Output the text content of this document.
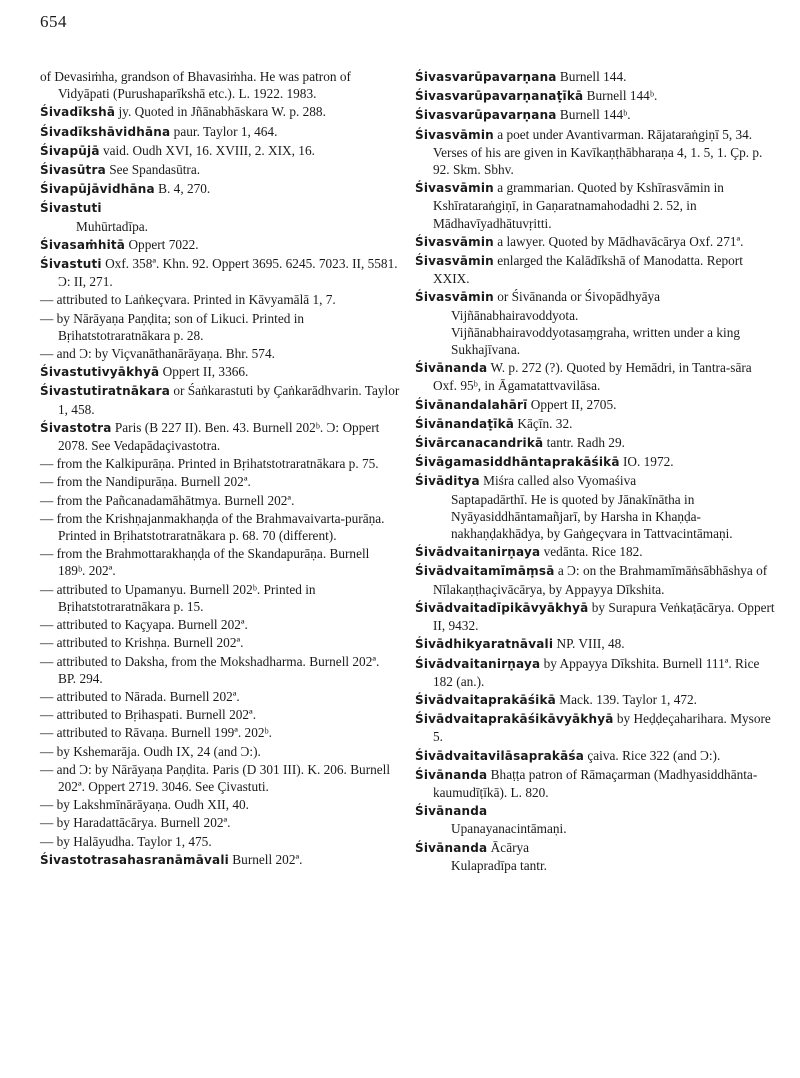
654
of Devasiṁha, grandson of Bhavasiṁha. He was patron of Vidyāpati (Purushaparīkshā etc.). L. 1922. 1983.
Śivadīkshā jy. Quoted in Jñānabhāskara W. p. 288.
Śivadīkshāvidhāna paur. Taylor 1, 464.
Śivapūjā vaid. Oudh XVI, 16. XVIII, 2. XIX, 16.
Śivasūtra See Spandasūtra.
Śivapūjāvidhāna B. 4, 270.
Śivastuti
Muhūrtadīpa.
Śivasaṁhitā Oppert 7022.
Śivastuti Oxf. 358ª. Khn. 92. Oppert 3695. 6245. 7023. II, 5581. Ɔ: II, 271.
— attributed to Laṅkeçvara. Printed in Kāvyamālā 1, 7.
— by Nārāyaṇa Paṇḍita; son of Likuci. Printed in Bṛihatstotraratnākara p. 28.
— and Ɔ: by Viçvanāthanārāyaṇa. Bhr. 574.
Śivastutivyākhyā Oppert II, 3366.
Śivastutiratnākara or Śaṅkarastuti by Çaṅkarādhvarin. Taylor 1, 458.
Śivastotra Paris (B 227 II). Ben. 43. Burnell 202ᵇ. Ɔ: Oppert 2078. See Vedapādaçivastotra.
— from the Kalkipurāṇa. Printed in Bṛihatstotraratnākara p. 75.
— from the Nandipurāṇa. Burnell 202ª.
— from the Pañcanadamāhātmya. Burnell 202ª.
— from the Krishṇajanmakhaṇḍa of the Brahmavaivarta-purāṇa. Printed in Bṛihatstotraratnākara p. 68. 70 (different).
— from the Brahmottarakhaṇḍa of the Skandapurāṇa. Burnell 189ᵇ. 202ª.
— attributed to Upamanyu. Burnell 202ᵇ. Printed in Bṛihatstotraratnākara p. 15.
— attributed to Kaçyapa. Burnell 202ª.
— attributed to Krishṇa. Burnell 202ª.
— attributed to Daksha, from the Mokshadharma. Burnell 202ª. BP. 294.
— attributed to Nārada. Burnell 202ª.
— attributed to Bṛihaspati. Burnell 202ª.
— attributed to Rāvaṇa. Burnell 199ª. 202ᵇ.
— by Kshemarāja. Oudh IX, 24 (and Ɔ:).
— and Ɔ: by Nārāyaṇa Paṇḍita. Paris (D 301 III). K. 206. Burnell 202ª. Oppert 2719. 3046. See Çivastuti.
— by Lakshmīnārāyaṇa. Oudh XII, 40.
— by Haradattācārya. Burnell 202ª.
— by Halāyudha. Taylor 1, 475.
Śivastotrasahasranāmāvali Burnell 202ª.
Śivasvarūpavarṇana Burnell 144.
Śivasvarūpavarṇanaṭīkā Burnell 144ᵇ.
Śivasvarūpavarṇana Burnell 144ᵇ.
Śivasvāmin a poet under Avantivarman. Rājataraṅgiṇī 5, 34. Verses of his are given in Kavīkaṇṭhābharaṇa 4, 1. 5, 1. Çp. p. 92. Skm. Sbhv.
Śivasvāmin a grammarian. Quoted by Kshīrasvāmin in Kshīrataraṅgiṇī, in Gaṇaratnamahodadhi 2. 52, in Mādhavīyadhātuvṛitti.
Śivasvāmin a lawyer. Quoted by Mādhavācārya Oxf. 271ª.
Śivasvāmin enlarged the Kalādīkshā of Manodatta. Report XXIX.
Śivasvāmin or Śivānanda or Śivopādhyāya
Vijñānabhairavoddyota.
Vijñānabhairavoddyotasaṃgraha, written under a king Sukhajīvana.
Śivānanda W. p. 272 (?). Quoted by Hemādri, in Tantra-sāra Oxf. 95ᵇ, in Āgamatattvavilāsa.
Śivānandalahārī Oppert II, 2705.
Śivānandaṭīkā Kāçīn. 32.
Śivārcanacandrikā tantr. Radh 29.
Śivāgamasiddhāntaprakāśikā IO. 1972.
Śivāditya Miśra called also Vyomaśiva
Saptapadārthī. He is quoted by Jānakīnātha in Nyāyasiddhāntamañjarī, by Harsha in Khaṇḍa-nakhaṇḍakhādya, by Gaṅgeçvara in Tattvacintāmaṇi.
Śivādvaitanirṇaya vedānta. Rice 182.
Śivādvaitamīmāṃsā a Ɔ: on the Brahmamīmāṅsābhāshya of Nīlakaṇṭhaçivācārya, by Appayya Dīkshita.
Śivādvaitadīpikāvyākhyā by Surapura Veṅkaṭācārya. Oppert II, 9432.
Śivādhikyaratnāvali NP. VIII, 48.
Śivādvaitanirṇaya by Appayya Dīkshita. Burnell 111ª. Rice 182 (an.).
Śivādvaitaprakāśikā Mack. 139. Taylor 1, 472.
Śivādvaitaprakāśikāvyākhyā by Heḍḍeçaharihara. Mysore 5.
Śivādvaitavilāsaprakāśa çaiva. Rice 322 (and Ɔ:).
Śivānanda Bhaṭṭa patron of Rāmaçarman (Madhyasiddhānta-kaumudīṭīkā). L. 820.
Śivānanda
Upanayanacintāmaṇi.
Śivānanda Ācārya
Kulapradīpa tantr.
